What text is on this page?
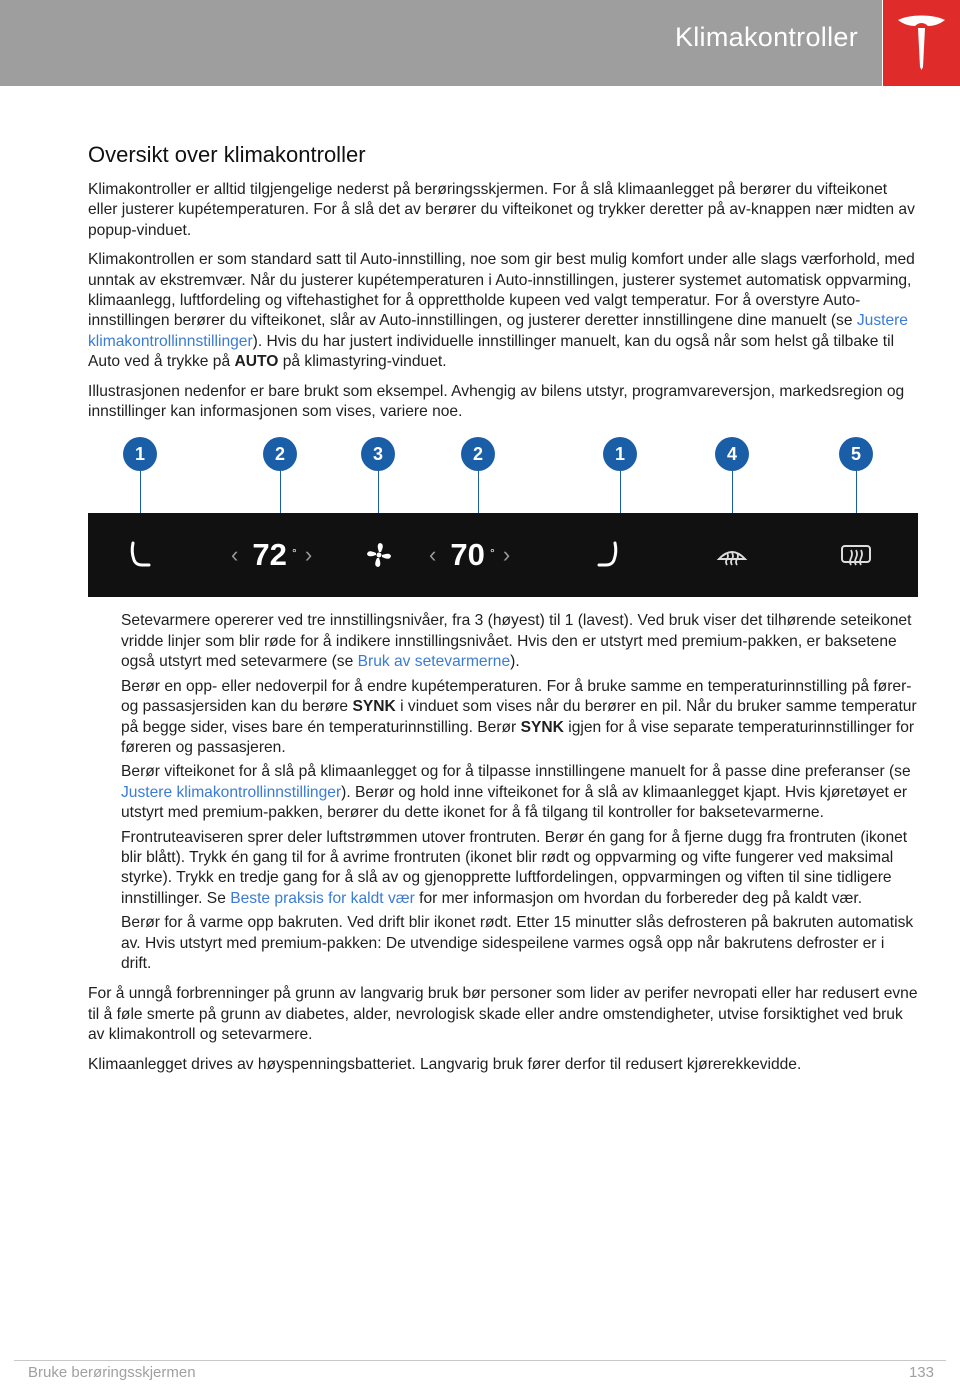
Klimakontroller
Oversikt over klimakontroller

Klimakontroller er alltid tilgjengelige nederst på berøringsskjermen. For å slå klimaanlegget på berører du vifteikonet eller justerer kupétemperaturen. For å slå det av berører du vifteikonet og trykker deretter på av-knappen nær midten av popup-vinduet.

Klimakontrollen er som standard satt til Auto-innstilling, noe som gir best mulig komfort under alle slags værforhold, med unntak av ekstremvær. Når du justerer kupétemperaturen i Auto-innstillingen, justerer systemet automatisk oppvarming, klimaanlegg, luftfordeling og viftehastighet for å opprettholde kupeen ved valgt temperatur. For å overstyre Auto-innstillingen berører du vifteikonet, slår av Auto-innstillingen, og justerer deretter innstillingene dine manuelt (se Justere klimakontrollinnstillinger). Hvis du har justert individuelle innstillinger manuelt, kan du også når som helst gå tilbake til Auto ved å trykke på AUTO på klimastyring-vinduet.

Illustrasjonen nedenfor er bare brukt som eksempel. Avhengig av bilens utstyr, programvareversjon, markedsregion og innstillinger kan informasjonen som vises, variere noe.

1	2	3	2	1	4	5
‹ 72 ° ›	‹ 70 ° ›

Setevarmere opererer ved tre innstillingsnivåer, fra 3 (høyest) til 1 (lavest). Ved bruk viser det tilhørende seteikonet vridde linjer som blir røde for å indikere innstillingsnivået. Hvis den er utstyrt med premium-pakken, er baksetene også utstyrt med setevarmere (se Bruk av setevarmerne).

Berør en opp- eller nedoverpil for å endre kupétemperaturen. For å bruke samme en temperaturinnstilling på fører- og passasjersiden kan du berøre SYNK i vinduet som vises når du berører en pil. Når du bruker samme temperatur på begge sider, vises bare én temperaturinnstilling. Berør SYNK igjen for å vise separate temperaturinnstillinger for føreren og passasjeren.

Berør vifteikonet for å slå på klimaanlegget og for å tilpasse innstillingene manuelt for å passe dine preferanser (se Justere klimakontrollinnstillinger). Berør og hold inne vifteikonet for å slå av klimaanlegget kjapt. Hvis kjøretøyet er utstyrt med premium-pakken, berører du dette ikonet for å få tilgang til kontroller for baksetevarmerne.

Frontruteaviseren sprer deler luftstrømmen utover frontruten. Berør én gang for å fjerne dugg fra frontruten (ikonet blir blått). Trykk én gang til for å avrime frontruten (ikonet blir rødt og oppvarming og vifte fungerer ved maksimal styrke). Trykk en tredje gang for å slå av og gjenopprette luftfordelingen, oppvarmingen og viften til sine tidligere innstillinger. Se Beste praksis for kaldt vær for mer informasjon om hvordan du forbereder deg på kaldt vær.

Berør for å varme opp bakruten. Ved drift blir ikonet rødt. Etter 15 minutter slås defrosteren på bakruten automatisk av. Hvis utstyrt med premium-pakken: De utvendige sidespeilene varmes også opp når bakrutens defroster er i drift.

For å unngå forbrenninger på grunn av langvarig bruk bør personer som lider av perifer nevropati eller har redusert evne til å føle smerte på grunn av diabetes, alder, nevrologisk skade eller andre omstendigheter, utvise forsiktighet ved bruk av klimakontroll og setevarmere.

Klimaanlegget drives av høyspenningsbatteriet. Langvarig bruk fører derfor til redusert kjørerekkevidde.

Bruke berøringsskjermen	133
